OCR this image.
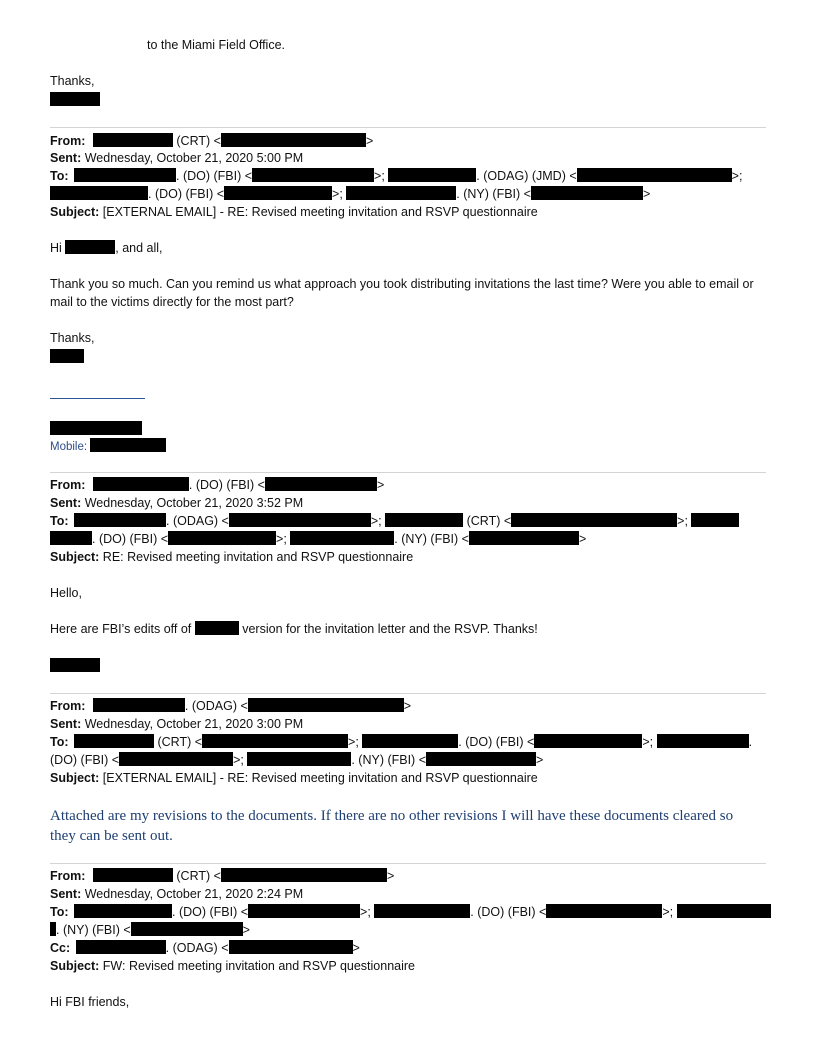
to the Miami Field Office.
Thanks,
From:	(CRT) <	>
Sent: Wednesday, October 21, 2020 5:00 PM
To:	. (DO) (FBI) <	>;	. (ODAG) (JMD) <	>;
. (DO) (FBI) <	>;	. (NY) (FBI) <	>
Subject: [EXTERNAL EMAIL] - RE: Revised meeting invitation and RSVP questionnaire
Hi	, and all,
Thank you so much. Can you remind us what approach you took distributing invitations the last time? Were you able to email or mail to the victims directly for the most part?
Thanks,
Mobile:
From:	. (DO) (FBI) <	>
Sent: Wednesday, October 21, 2020 3:52 PM
To:	. (ODAG) <	>;	(CRT) <	>;
. (DO) (FBI) <	>;	. (NY) (FBI) <	>
Subject: RE: Revised meeting invitation and RSVP questionnaire
Hello,
Here are FBI’s edits off of	version for the invitation letter and the RSVP. Thanks!
From:	. (ODAG) <	>
Sent: Wednesday, October 21, 2020 3:00 PM
To:	(CRT) <	>;	. (DO) (FBI) <	>;	.
(DO) (FBI) <	>;	. (NY) (FBI) <	>
Subject: [EXTERNAL EMAIL] - RE: Revised meeting invitation and RSVP questionnaire
Attached are my revisions to the documents. If there are no other revisions I will have these documents cleared so they can be sent out.
From:	(CRT) <	>
Sent: Wednesday, October 21, 2020 2:24 PM
To:	. (DO) (FBI) <	>;	. (DO) (FBI) <	>;
. (NY) (FBI) <	>
Cc:	. (ODAG) <	>
Subject: FW: Revised meeting invitation and RSVP questionnaire
Hi FBI friends,
